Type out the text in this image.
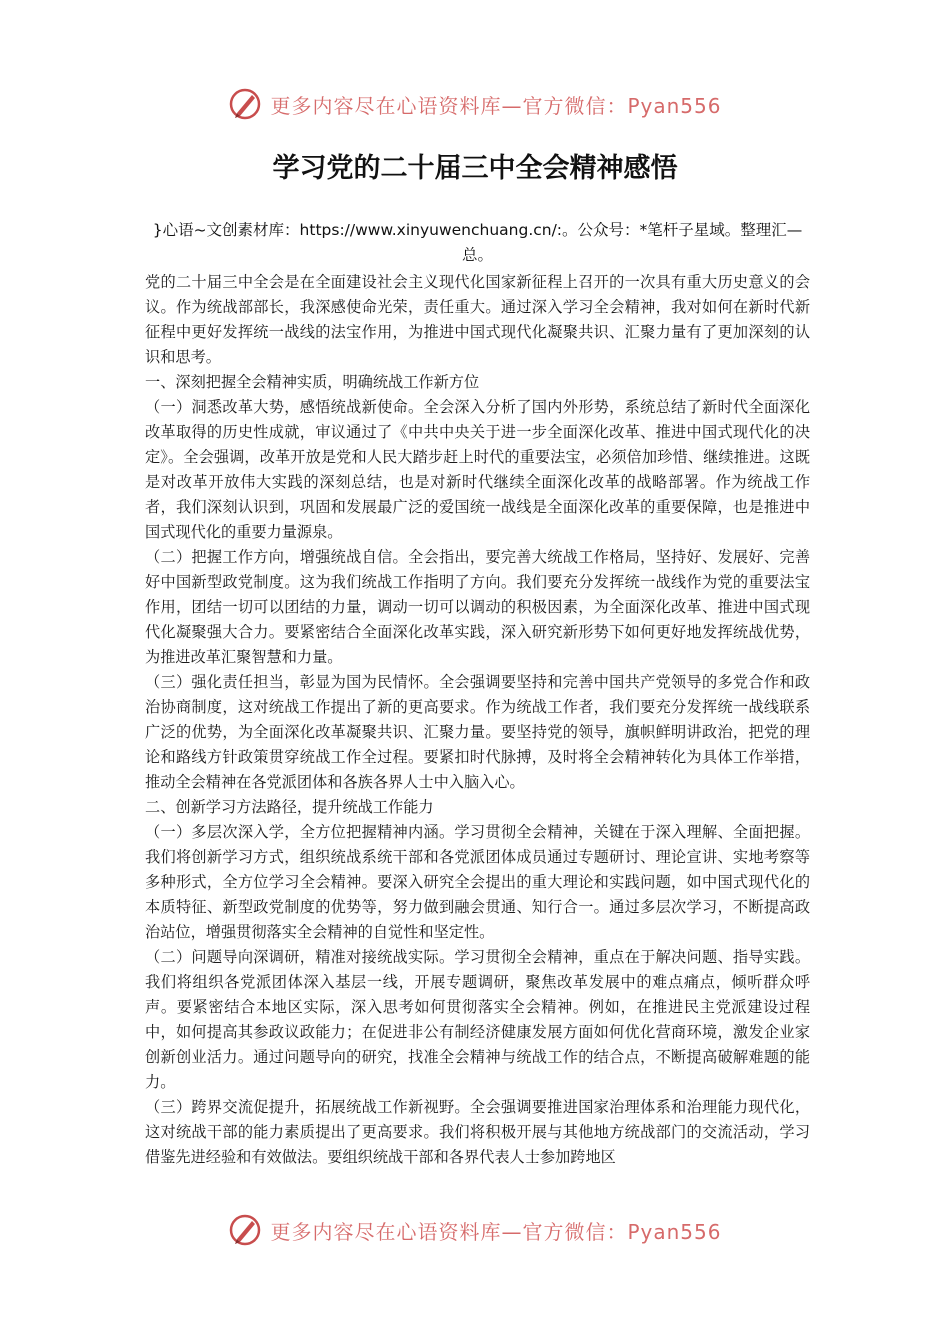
更多内容尽在心语资料库—官方微信：Pyan556
学习党的二十届三中全会精神感悟

}心语~文创素材库：https://www.xinyuwenchuang.cn/:。公众号：*笔杆子星域。整理汇—总。

党的二十届三中全会是在全面建设社会主义现代化国家新征程上召开的一次具有重大历史意义的会议。作为统战部部长，我深感使命光荣，责任重大。通过深入学习全会精神，我对如何在新时代新征程中更好发挥统一战线的法宝作用，为推进中国式现代化凝聚共识、汇聚力量有了更加深刻的认识和思考。

一、深刻把握全会精神实质，明确统战工作新方位

（一）洞悉改革大势，感悟统战新使命。全会深入分析了国内外形势，系统总结了新时代全面深化改革取得的历史性成就，审议通过了《中共中央关于进一步全面深化改革、推进中国式现代化的决定》。全会强调，改革开放是党和人民大踏步赶上时代的重要法宝，必须倍加珍惜、继续推进。这既是对改革开放伟大实践的深刻总结，也是对新时代继续全面深化改革的战略部署。作为统战工作者，我们深刻认识到，巩固和发展最广泛的爱国统一战线是全面深化改革的重要保障，也是推进中国式现代化的重要力量源泉。

（二）把握工作方向，增强统战自信。全会指出，要完善大统战工作格局，坚持好、发展好、完善好中国新型政党制度。这为我们统战工作指明了方向。我们要充分发挥统一战线作为党的重要法宝作用，团结一切可以团结的力量，调动一切可以调动的积极因素，为全面深化改革、推进中国式现代化凝聚强大合力。要紧密结合全面深化改革实践，深入研究新形势下如何更好地发挥统战优势，为推进改革汇聚智慧和力量。

（三）强化责任担当，彰显为国为民情怀。全会强调要坚持和完善中国共产党领导的多党合作和政治协商制度，这对统战工作提出了新的更高要求。作为统战工作者，我们要充分发挥统一战线联系广泛的优势，为全面深化改革凝聚共识、汇聚力量。要坚持党的领导，旗帜鲜明讲政治，把党的理论和路线方针政策贯穿统战工作全过程。要紧扣时代脉搏，及时将全会精神转化为具体工作举措，推动全会精神在各党派团体和各族各界人士中入脑入心。

二、创新学习方法路径，提升统战工作能力

（一）多层次深入学，全方位把握精神内涵。学习贯彻全会精神，关键在于深入理解、全面把握。我们将创新学习方式，组织统战系统干部和各党派团体成员通过专题研讨、理论宣讲、实地考察等多种形式，全方位学习全会精神。要深入研究全会提出的重大理论和实践问题，如中国式现代化的本质特征、新型政党制度的优势等，努力做到融会贯通、知行合一。通过多层次学习，不断提高政治站位，增强贯彻落实全会精神的自觉性和坚定性。

（二）问题导向深调研，精准对接统战实际。学习贯彻全会精神，重点在于解决问题、指导实践。我们将组织各党派团体深入基层一线，开展专题调研，聚焦改革发展中的难点痛点，倾听群众呼声。要紧密结合本地区实际，深入思考如何贯彻落实全会精神。例如，在推进民主党派建设过程中，如何提高其参政议政能力；在促进非公有制经济健康发展方面如何优化营商环境，激发企业家创新创业活力。通过问题导向的研究，找准全会精神与统战工作的结合点，不断提高破解难题的能力。

（三）跨界交流促提升，拓展统战工作新视野。全会强调要推进国家治理体系和治理能力现代化，这对统战干部的能力素质提出了更高要求。我们将积极开展与其他地方统战部门的交流活动，学习借鉴先进经验和有效做法。要组织统战干部和各界代表人士参加跨地区

更多内容尽在心语资料库—官方微信：Pyan556
